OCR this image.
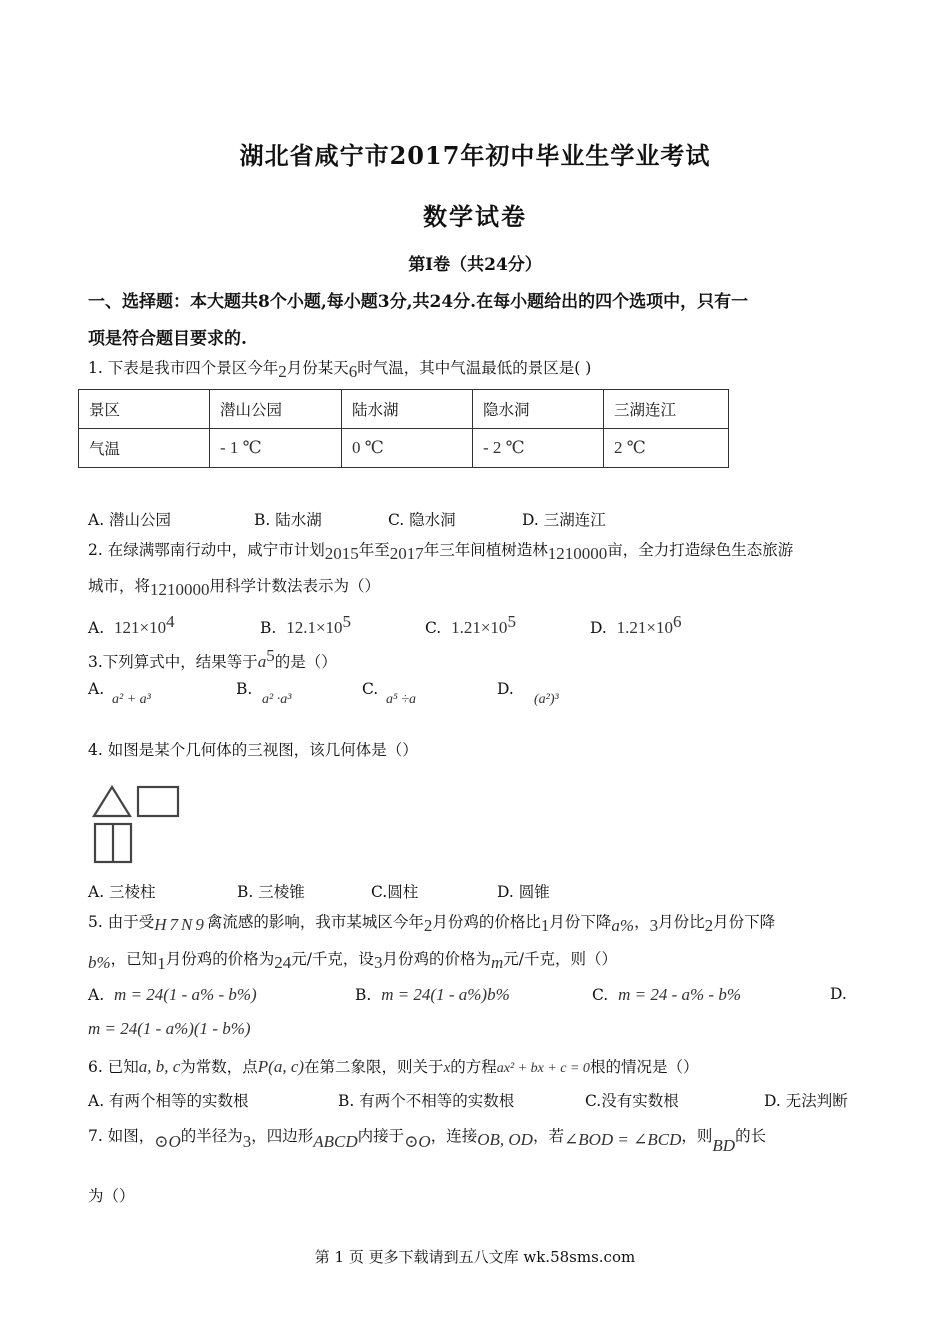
湖北省咸宁市2017年初中毕业生学业考试
数学试卷
第Ⅰ卷（共24分）
一、选择题：本大题共8个小题,每小题3分,共24分.在每小题给出的四个选项中，只有一
项是符合题目要求的.
1. 下表是我市四个景区今年2月份某天6时气温，其中气温最低的景区是( )
景区	潜山公园	陆水湖	隐水洞	三湖连江
气温	- 1 ℃	0 ℃	- 2 ℃	2 ℃
A. 潜山公园	B. 陆水湖	C. 隐水洞	D. 三湖连江
2. 在绿满鄂南行动中，咸宁市计划2015年至2017年三年间植树造林1210000亩，全力打造绿色生态旅游
城市，将1210000用科学计数法表示为（）
A. $121\times 10^4$	B. $12.1\times 10^5$	C. $1.21\times 10^5$	D. $1.21\times 10^6$
3.下列算式中，结果等于$a^5$的是（）
A.
a² + a³
B.
a² ·a³
C.
a⁵ ÷a
D.
(a²)³
4. 如图是某个几何体的三视图，该几何体是（）
A. 三棱柱	B. 三棱锥	C.圆柱	D. 圆锥
5. 由于受H7N9禽流感的影响，我市某城区今年2月份鸡的价格比1月份下降a%，3月份比2月份下降
b%，已知1月份鸡的价格为24元/千克，设3月份鸡的价格为m元/千克，则（）
A. m = 24(1 - a% - b%)	B. m = 24(1 - a%)b%	C. m = 24 - a% - b%	D.
m = 24(1 - a%)(1 - b%)
6. 已知a, b, c为常数，点P(a, c)在第二象限，则关于x的方程ax² + bx + c = 0根的情况是（）
A. 有两个相等的实数根	B. 有两个不相等的实数根	C.没有实数根	D. 无法判断
7. 如图，⊙O的半径为3，四边形ABCD内接于⊙O，连接OB, OD，若∠BOD = ∠BCD，则BD的长
为（）
第 1 页 更多下载请到五八文库 wk.58sms.com
